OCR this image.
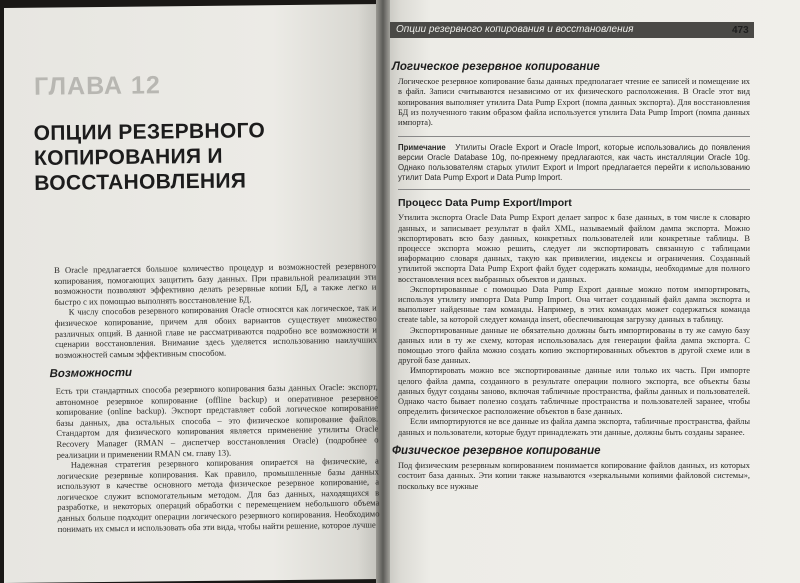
ГЛАВА 12
ОПЦИИ РЕЗЕРВНОГО КОПИРОВАНИЯ И ВОССТАНОВЛЕНИЯ

В Oracle предлагается большое количество процедур и возможностей резервного копирования, помогающих защитить базу данных. При правильной реализации эти возможности позволяют эффективно делать резервные копии БД, а также легко и быстро с их помощью выполнять восстановление БД.

К числу способов резервного копирования Oracle относятся как логическое, так и физическое копирование, причем для обоих вариантов существует множество различных опций. В данной главе не рассматриваются подробно все возможности и сценарии восстановления. Внимание здесь уделяется использованию наилучших возможностей самым эффективным способом.

Возможности

Есть три стандартных способа резервного копирования базы данных Oracle: экспорт, автономное резервное копирование (offline backup) и оперативное резервное копирование (online backup). Экспорт представляет собой логическое копирование базы данных, два остальных способа – это физическое копирование файлов. Стандартом для физического копирования является применение утилиты Oracle Recovery Manager (RMAN – диспетчер восстановления Oracle) (подробнее о реализации и применении RMAN см. главу 13).

Надежная стратегия резервного копирования опирается на физические, а логические резервные копирования. Как правило, промышленные базы данных используют в качестве основного метода физическое резервное копирование, а логическое служит вспомогательным методом. Для баз данных, находящихся в разработке, и некоторых операций обработки с перемещением небольшого объема данных больше подходит операции логического резервного копирования. Необходимо понимать их смысл и использовать оба эти вида, чтобы найти решение, которое лучше

Опции резервного копирования и восстановления	473
Логическое резервное копирование

Логическое резервное копирование базы данных предполагает чтение ее записей и помещение их в файл. Записи считываются независимо от их физического расположения. В Oracle этот вид копирования выполняет утилита Data Pump Export (помпа данных экспорта). Для восстановления БД из полученного таким образом файла используется утилита Data Pump Import (помпа данных импорта).

Примечание Утилиты Oracle Export и Oracle Import, которые использовались до появления версии Oracle Database 10g, по-прежнему предлагаются, как часть инсталляции Oracle 10g. Однако пользователям старых утилит Export и Import предлагается перейти к использованию утилит Data Pump Export и Data Pump Import.
Процесс Data Pump Export/Import

Утилита экспорта Oracle Data Pump Export делает запрос к базе данных, в том числе к словарю данных, и записывает результат в файл XML, называемый файлом дампа экспорта. Можно экспортировать всю базу данных, конкретных пользователей или конкретные таблицы. В процессе экспорта можно решить, следует ли экспортировать связанную с таблицами информацию словаря данных, такую как привилегии, индексы и ограничения. Созданный утилитой экспорта Data Pump Export файл будет содержать команды, необходимые для полного восстановления всех выбранных объектов и данных.

Экспортированные с помощью Data Pump Export данные можно потом импортировать, используя утилиту импорта Data Pump Import. Она читает созданный файл дампа экспорта и выполняет найденные там команды. Например, в этих командах может содержаться команда create table, за которой следует команда insert, обеспечивающая загрузку данных в таблицу.

Экспортированные данные не обязательно должны быть импортированы в ту же самую базу данных или в ту же схему, которая использовалась для генерации файла дампа экспорта. С помощью этого файла можно создать копию экспортированных объектов в другой схеме или в другой базе данных.

Импортировать можно все экспортированные данные или только их часть. При импорте целого файла дампа, созданного в результате операции полного экспорта, все объекты базы данных будут созданы заново, включая табличные пространства, файлы данных и пользователей. Однако часто бывает полезно создать табличные пространства и пользователей заранее, чтобы определить физическое расположение объектов в базе данных.

Если импортируются не все данные из файла дампа экспорта, табличные пространства, файлы данных и пользователи, которые будут принадлежать эти данные, должны быть созданы заранее.

Физическое резервное копирование

Под физическим резервным копированием понимается копирование файлов данных, из которых состоит база данных. Эти копии также называются «зеркальными копиями файловой системы», поскольку все нужные
